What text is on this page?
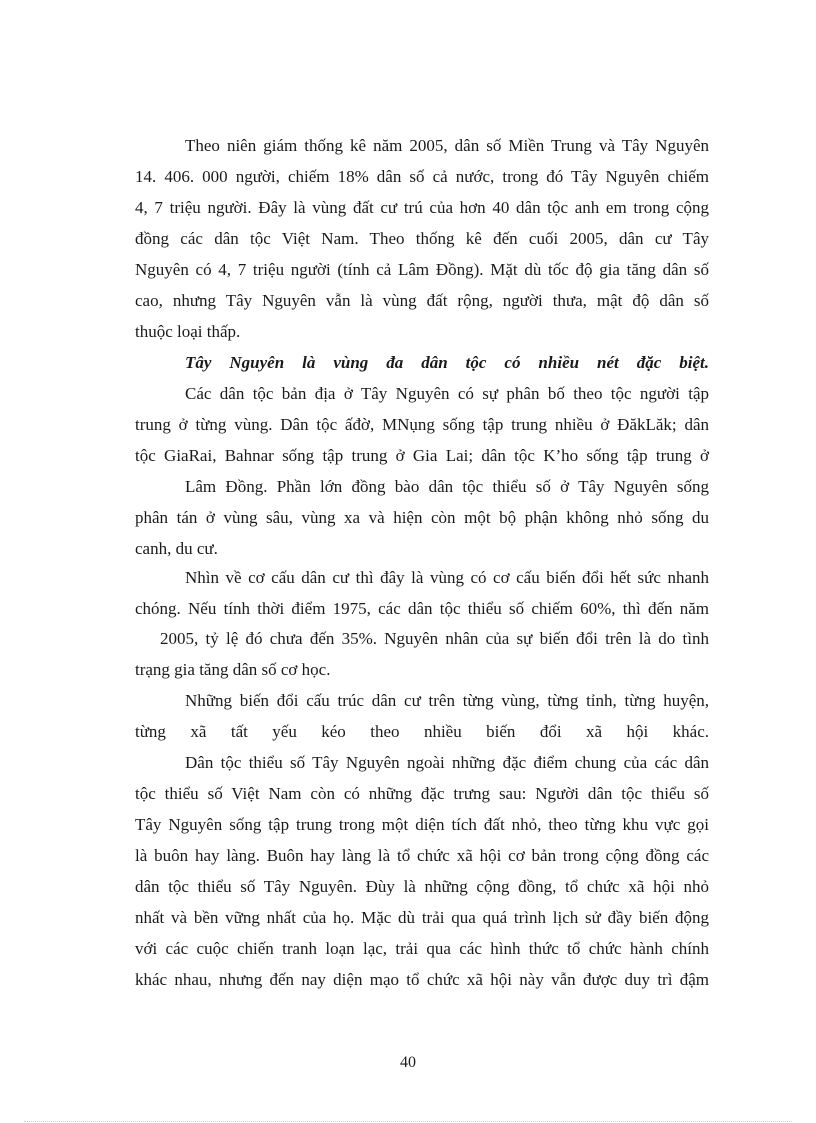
Theo niên giám thống kê năm 2005, dân số Miền Trung và Tây Nguyên

14. 406. 000 người, chiếm 18% dân số cả nước, trong đó Tây Nguyên chiếm

4, 7 triệu người. Đây là vùng đất cư trú của hơn 40 dân tộc anh em trong cộng

đồng các dân tộc Việt Nam. Theo thống kê đến cuối 2005, dân cư Tây

Nguyên có 4, 7 triệu người (tính cả Lâm Đồng). Mặt dù tốc độ gia tăng dân số

cao, nhưng Tây Nguyên vẫn là vùng đất rộng, người thưa, mật độ dân số

thuộc loại thấp.

Tây Nguyên là vùng đa dân tộc có nhiều nét đặc biệt.

Các dân tộc bản địa ở Tây Nguyên có sự phân bố theo tộc người tập

trung ở từng vùng. Dân tộc ấđờ, MNụng sống tập trung nhiều ở ĐăkLăk; dân

tộc GiaRai, Bahnar sống tập trung ở Gia Lai; dân tộc K’ho sống tập trung ở

Lâm Đồng. Phần lớn đồng bào dân tộc thiểu số ở Tây Nguyên sống

phân tán ở vùng sâu, vùng xa và hiện còn một bộ phận không nhỏ sống du

canh, du cư.

Nhìn về cơ cấu dân cư thì đây là vùng có cơ cấu biến đổi hết sức nhanh

chóng. Nếu tính thời điểm 1975, các dân tộc thiểu số chiếm 60%, thì đến năm

2005, tỷ lệ đó chưa đến 35%. Nguyên nhân của sự biến đổi trên là do tình

trạng gia tăng dân số cơ học.

Những biến đổi cấu trúc dân cư trên từng vùng, từng tỉnh, từng huyện,

từng xã tất yếu kéo theo nhiều biến đổi xã hội khác.

Dân tộc thiểu số Tây Nguyên ngoài những đặc điểm chung của các dân

tộc thiểu số Việt Nam còn có những đặc trưng sau: Người dân tộc thiểu số

Tây Nguyên sống tập trung trong một diện tích đất nhỏ, theo từng khu vực gọi

là buôn hay làng. Buôn hay làng là tổ chức xã hội cơ bản trong cộng đồng các

dân tộc thiểu số Tây Nguyên. Đùy là những cộng đồng, tổ chức xã hội nhỏ

nhất và bền vững nhất của họ. Mặc dù trải qua quá trình lịch sử đầy biến động

với các cuộc chiến tranh loạn lạc, trải qua các hình thức tổ chức hành chính

khác nhau, nhưng đến nay diện mạo tổ chức xã hội này vẫn được duy trì đậm

40
